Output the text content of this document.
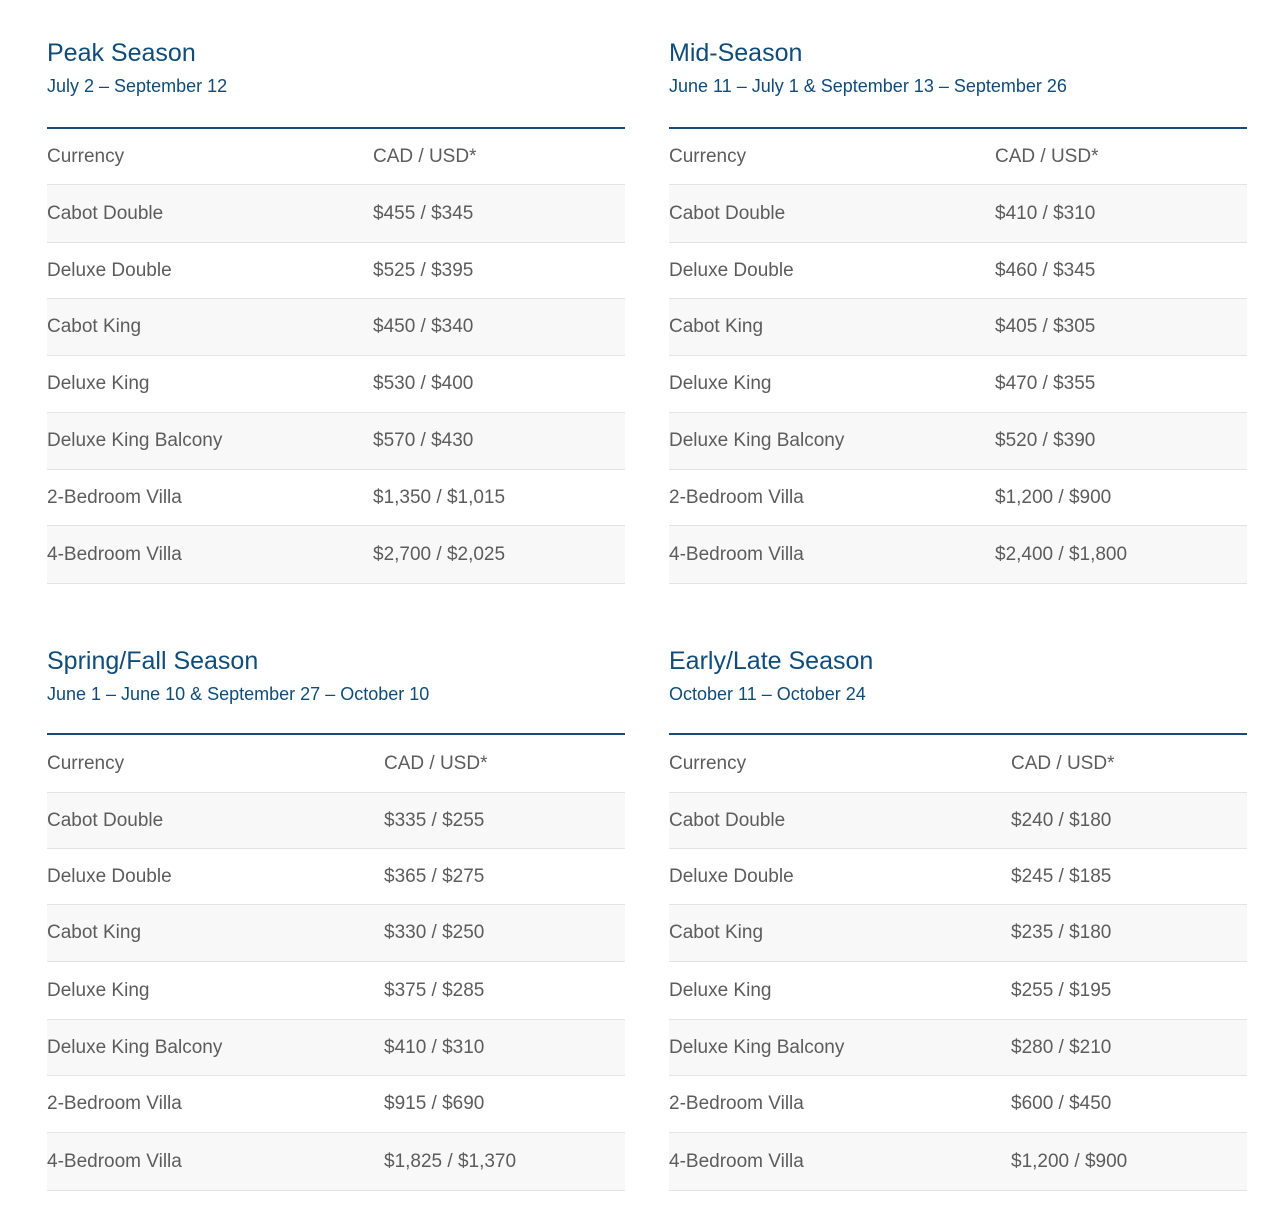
Peak Season
July 2 – September 12
Currency	CAD / USD*
Cabot Double	$455 / $345
Deluxe Double	$525 / $395
Cabot King	$450 / $340
Deluxe King	$530 / $400
Deluxe King Balcony	$570 / $430
2-Bedroom Villa	$1,350 / $1,015
4-Bedroom Villa	$2,700 / $2,025
Mid-Season
June 11 – July 1 & September 13 – September 26
Currency	CAD / USD*
Cabot Double	$410 / $310
Deluxe Double	$460 / $345
Cabot King	$405 / $305
Deluxe King	$470 / $355
Deluxe King Balcony	$520 / $390
2-Bedroom Villa	$1,200 / $900
4-Bedroom Villa	$2,400 / $1,800
Spring/Fall Season
June 1 – June 10 & September 27 – October 10
Currency	CAD / USD*
Cabot Double	$335 / $255
Deluxe Double	$365 / $275
Cabot King	$330 / $250
Deluxe King	$375 / $285
Deluxe King Balcony	$410 / $310
2-Bedroom Villa	$915 / $690
4-Bedroom Villa	$1,825 / $1,370
Early/Late Season
October 11 – October 24
Currency	CAD / USD*
Cabot Double	$240 / $180
Deluxe Double	$245 / $185
Cabot King	$235 / $180
Deluxe King	$255 / $195
Deluxe King Balcony	$280 / $210
2-Bedroom Villa	$600 / $450
4-Bedroom Villa	$1,200 / $900
